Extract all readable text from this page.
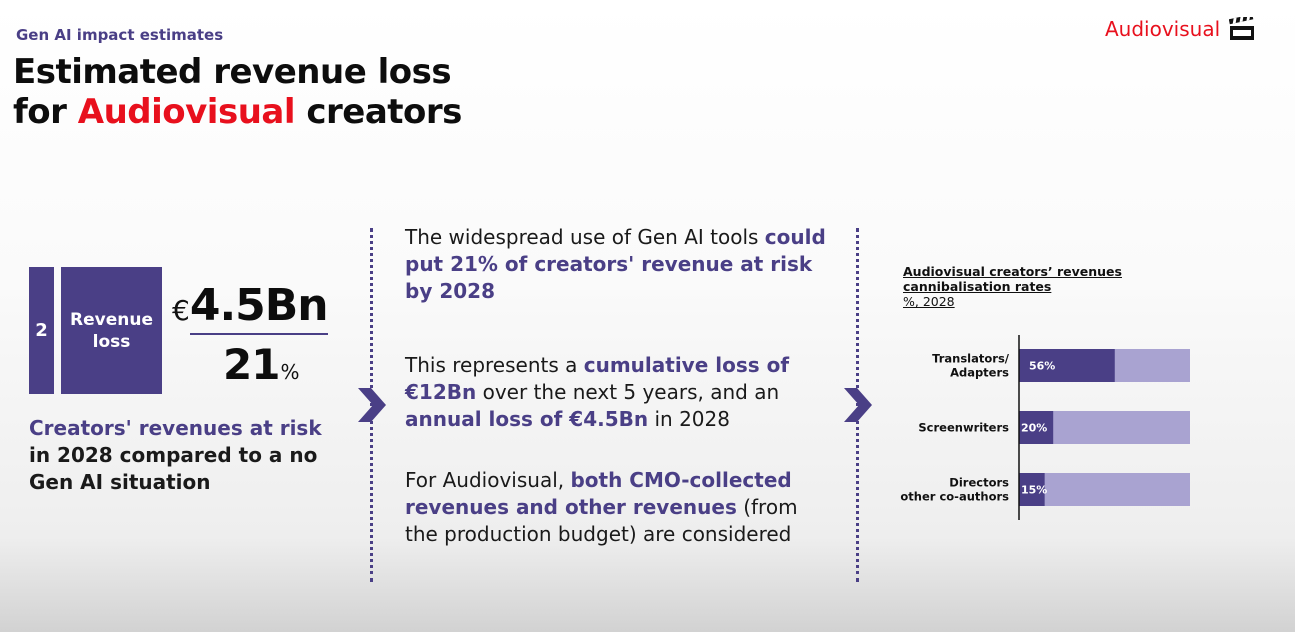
Gen AI impact estimates
Estimated revenue loss
for Audiovisual creators
Audiovisual
2
Revenue
loss
€ 4.5Bn
21 %
Creators' revenues at risk
in 2028 compared to a no Gen AI situation
The widespread use of Gen AI tools could put 21% of creators' revenue at risk by 2028
This represents a cumulative loss of €12Bn over the next 5 years, and an annual loss of €4.5Bn in 2028
For Audiovisual, both CMO-collected revenues and other revenues (from the production budget) are considered
Audiovisual creators’ revenues cannibalisation rates
%, 2028
56%
Translators/
Adapters
20%
Screenwriters
15%
Directors
other co-authors
